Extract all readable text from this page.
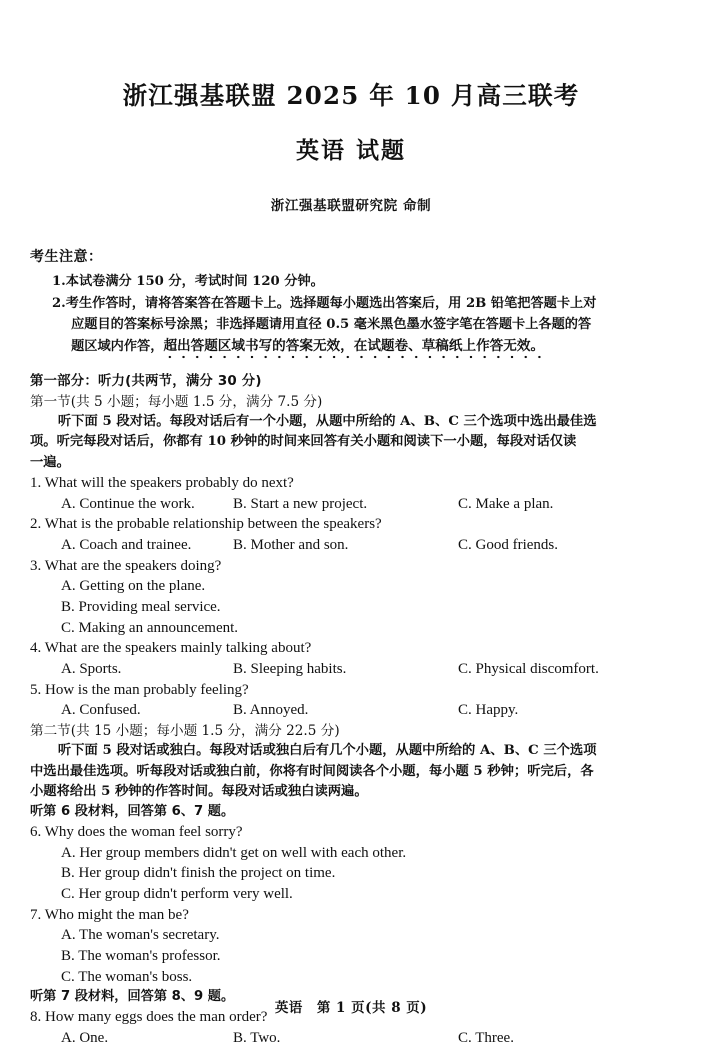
浙江强基联盟 2025 年 10 月高三联考
英语 试题

浙江强基联盟研究院 命制

考生注意：

1.本试卷满分 150 分，考试时间 120 分钟。

2.考生作答时，请将答案答在答题卡上。选择题每小题选出答案后，用 2B 铅笔把答题卡上对

应题目的答案标号涂黑；非选择题请用直径 0.5 毫米黑色墨水签字笔在答题卡上各题的答

题区域内作答，超出答题区域书写的答案无效，在试题卷、草稿纸上作答无效。

第一部分：听力(共两节，满分 30 分)

第一节(共 5 小题；每小题 1.5 分，满分 7.5 分)

听下面 5 段对话。每段对话后有一个小题，从题中所给的 A、B、C 三个选项中选出最佳选

项。听完每段对话后，你都有 10 秒钟的时间来回答有关小题和阅读下一小题，每段对话仅读

一遍。

1. What will the speakers probably do next?

A. Continue the work.	B. Start a new project.	C. Make a plan.

2. What is the probable relationship between the speakers?

A. Coach and trainee.	B. Mother and son.	C. Good friends.

3. What are the speakers doing?

A. Getting on the plane.
B. Providing meal service.
C. Making an announcement.

4. What are the speakers mainly talking about?

A. Sports.	B. Sleeping habits.	C. Physical discomfort.

5. How is the man probably feeling?

A. Confused.	B. Annoyed.	C. Happy.

第二节(共 15 小题；每小题 1.5 分，满分 22.5 分)

听下面 5 段对话或独白。每段对话或独白后有几个小题，从题中所给的 A、B、C 三个选项

中选出最佳选项。听每段对话或独白前，你将有时间阅读各个小题，每小题 5 秒钟；听完后，各

小题将给出 5 秒钟的作答时间。每段对话或独白读两遍。

听第 6 段材料，回答第 6、7 题。

6. Why does the woman feel sorry?

A. Her group members didn't get on well with each other.
B. Her group didn't finish the project on time.
C. Her group didn't perform very well.

7. Who might the man be?

A. The woman's secretary.
B. The woman's professor.
C. The woman's boss.

听第 7 段材料，回答第 8、9 题。

8. How many eggs does the man order?

A. One.	B. Two.	C. Three.
英语 第 1 页(共 8 页)
